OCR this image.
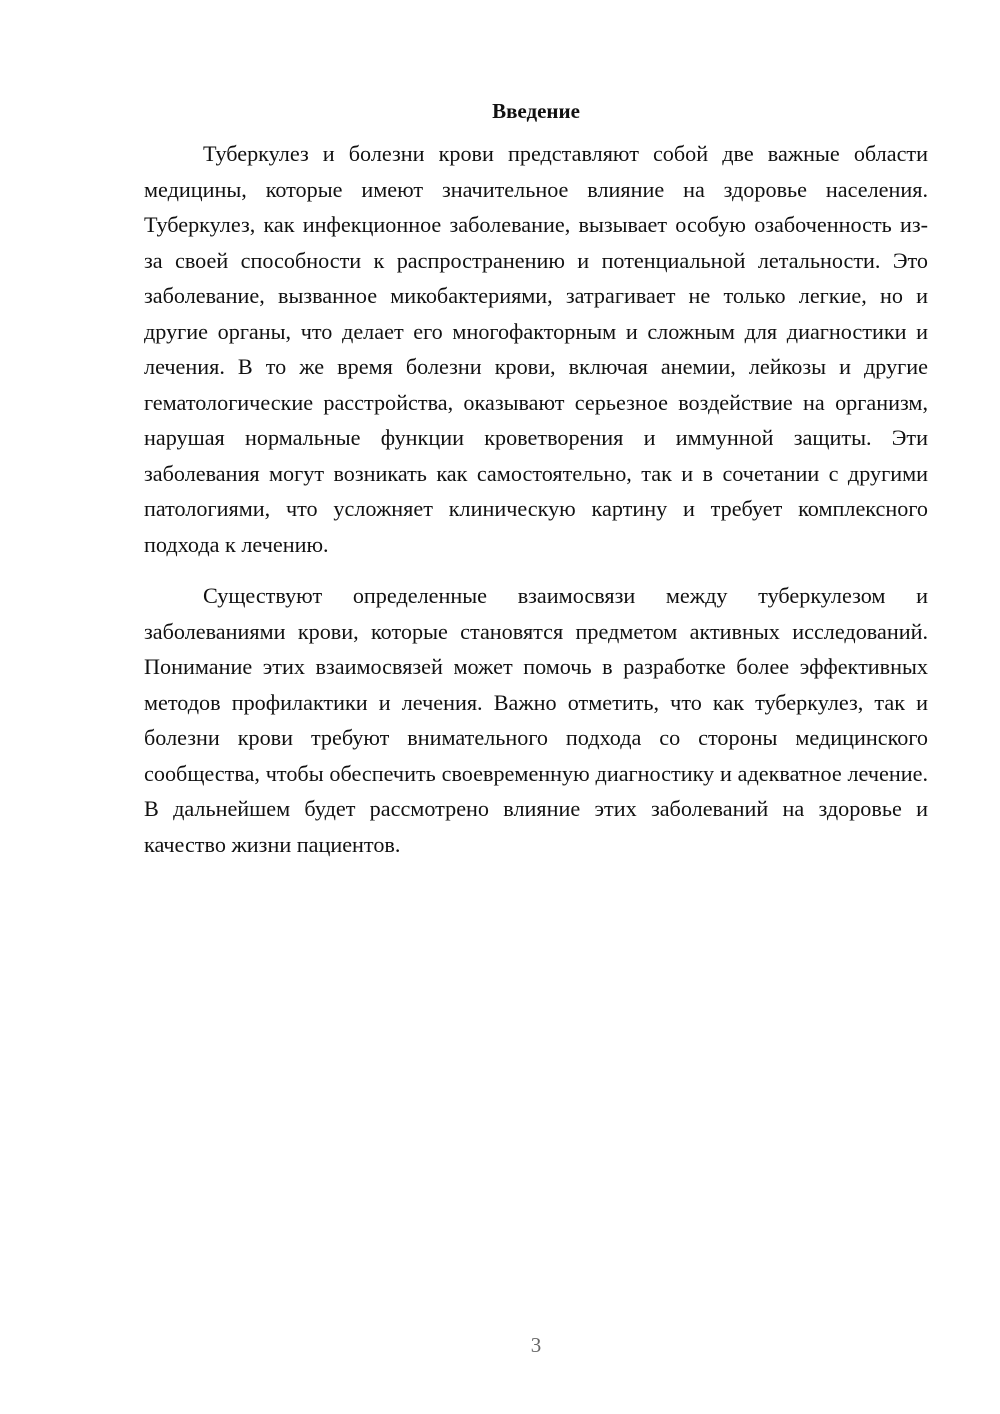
Введение

Туберкулез и болезни крови представляют собой две важные области медицины, которые имеют значительное влияние на здоровье населения. Туберкулез, как инфекционное заболевание, вызывает особую озабоченность из-за своей способности к распространению и потенциальной летальности. Это заболевание, вызванное микобактериями, затрагивает не только легкие, но и другие органы, что делает его многофакторным и сложным для диагностики и лечения. В то же время болезни крови, включая анемии, лейкозы и другие гематологические расстройства, оказывают серьезное воздействие на организм, нарушая нормальные функции кроветворения и иммунной защиты. Эти заболевания могут возникать как самостоятельно, так и в сочетании с другими патологиями, что усложняет клиническую картину и требует комплексного подхода к лечению.

Существуют определенные взаимосвязи между туберкулезом и заболеваниями крови, которые становятся предметом активных исследований. Понимание этих взаимосвязей может помочь в разработке более эффективных методов профилактики и лечения. Важно отметить, что как туберкулез, так и болезни крови требуют внимательного подхода со стороны медицинского сообщества, чтобы обеспечить своевременную диагностику и адекватное лечение. В дальнейшем будет рассмотрено влияние этих заболеваний на здоровье и качество жизни пациентов.

3
